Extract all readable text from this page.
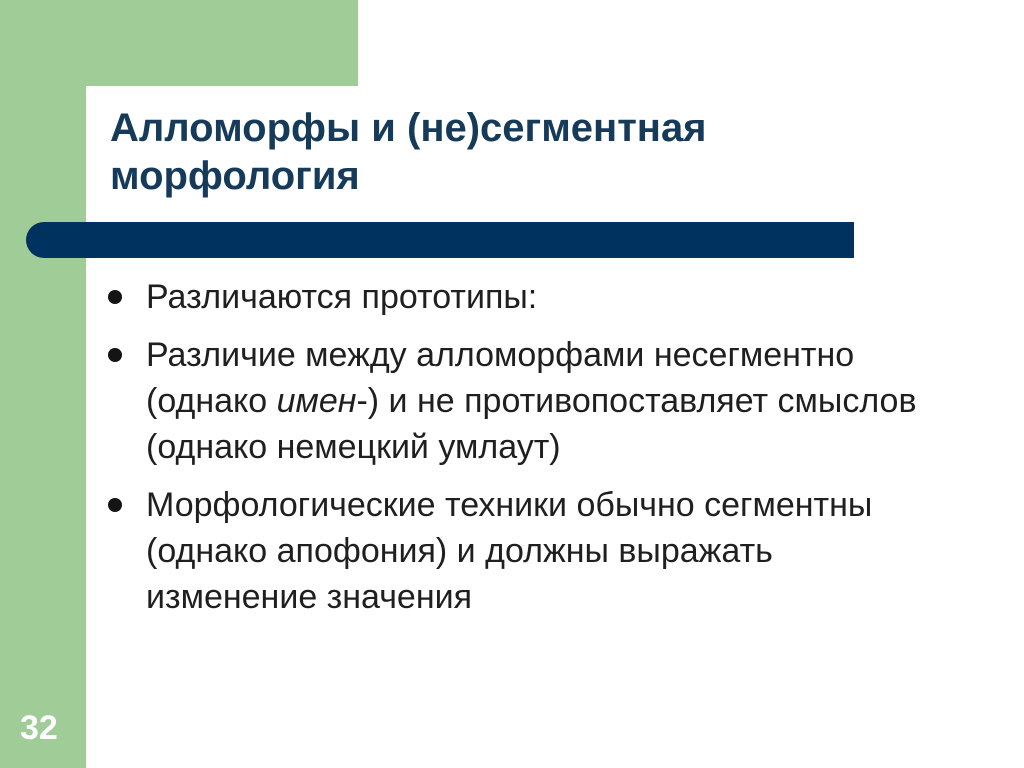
Алломорфы и (не)сегментная морфология
Различаются прототипы:
Различие между алломорфами несегментно (однако имен-) и не противопоставляет смыслов (однако немецкий умлаут)
Морфологические техники обычно сегментны (однако апофония) и должны выражать изменение значения
32
